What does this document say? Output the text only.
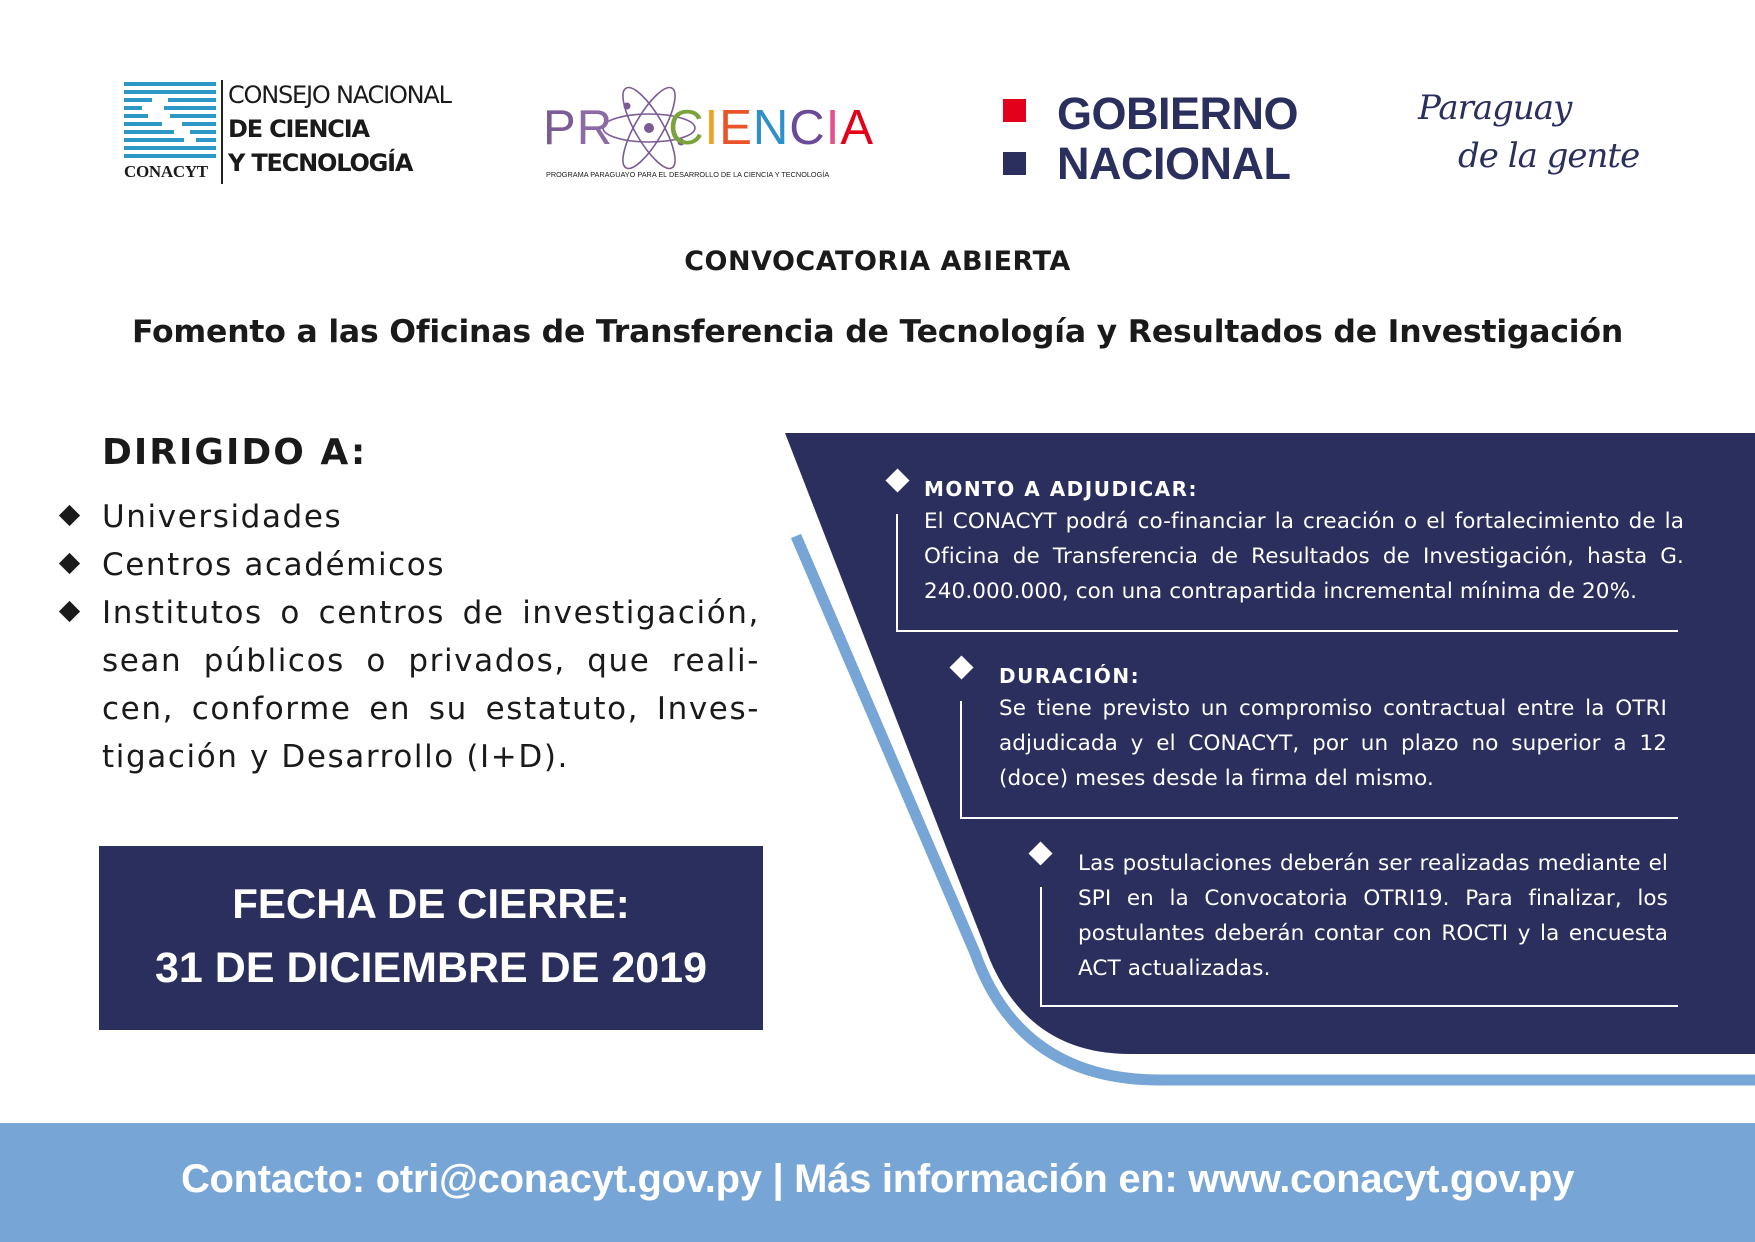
CONACYT
CONSEJO NACIONAL
DE CIENCIA
Y TECNOLOGÍA
PR CIENCIA
PROGRAMA PARAGUAYO PARA EL DESARROLLO DE LA CIENCIA Y TECNOLOGÍA
GOBIERNO
NACIONAL
Paraguay
de la gente
CONVOCATORIA ABIERTA
Fomento a las Oficinas de Transferencia de Tecnología y Resultados de Investigación
DIRIGIDO A:
Universidades
Centros académicos
Institutos o centros de investigación, sean públicos o privados, que reali-cen, conforme en su estatuto, Inves-tigación y Desarrollo (I+D).
FECHA DE CIERRE:
31 DE DICIEMBRE DE 2019
MONTO A ADJUDICAR:
El CONACYT podrá co-financiar la creación o el fortalecimiento de la Oficina de Transferencia de Resultados de Investigación, hasta G. 240.000.000, con una contrapartida incremental mínima de 20%.
DURACIÓN:
Se tiene previsto un compromiso contractual entre la OTRI adjudicada y el CONACYT, por un plazo no superior a 12 (doce) meses desde la firma del mismo.
Las postulaciones deberán ser realizadas mediante el SPI en la Convocatoria OTRI19. Para finalizar, los postulantes deberán contar con ROCTI y la encuesta ACT actualizadas.
Contacto: otri@conacyt.gov.py | Más información en: www.conacyt.gov.py
